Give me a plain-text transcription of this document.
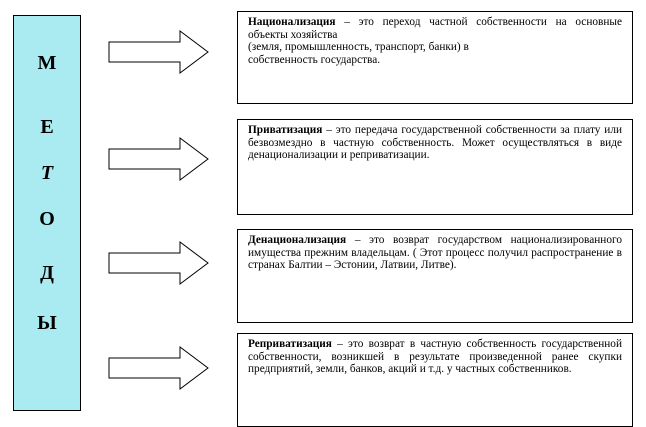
М
Е
Т
О
Д
Ы

Национализация – это переход частной собственности на основные объекты хозяйства

(земля, промышленность, транспорт, банки) в

собственность государства.

Приватизация – это передача государственной собственности за плату или безвозмездно в частную собственность. Может осуществляться в виде денационализации и реприватизации.

Денационализация – это возврат государством национализированного имущества прежним владельцам. ( Этот процесс получил распространение в странах Балтии – Эстонии, Латвии, Литве).

Реприватизация – это возврат в частную собственность государственной собственности, возникшей в результате произведенной ранее скупки предприятий, земли, банков, акций и т.д. у частных собственников.
